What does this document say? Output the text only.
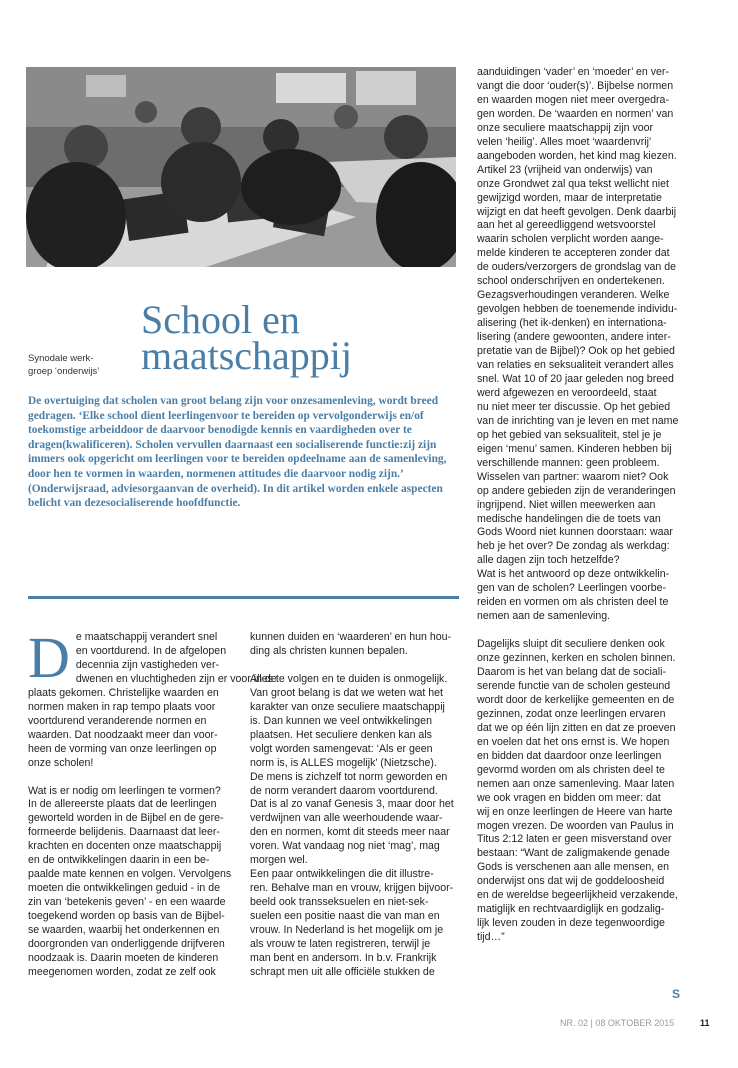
Synodale werk-
groep ‘onderwijs’
School en
maatschappij
De overtuiging dat scholen van groot belang zijn voor onzesamenleving, wordt breed gedragen. ‘Elke school dient leerlingenvoor te bereiden op vervolgonderwijs en/of toekomstige arbeiddoor de daarvoor benodigde kennis en vaardigheden over te dragen(kwalificeren). Scholen vervullen daarnaast een socialiserende functie:zij zijn immers ook opgericht om leerlingen voor te bereiden opdeelname aan de samenleving, door hen te vormen in waarden, normenen attitudes die daarvoor nodig zijn.’ (Onderwijsraad, adviesorgaanvan de overheid). In dit artikel worden enkele aspecten belicht van dezesocialiserende hoofdfunctie.

D e maatschappij verandert snel
en voortdurend. In de afgelopen
decennia zijn vastigheden ver-
dwenen en vluchtigheden zijn er voor in de
plaats gekomen. Christelijke waarden en
normen maken in rap tempo plaats voor
voortdurend veranderende normen en
waarden. Dat noodzaakt meer dan voor-
heen de vorming van onze leerlingen op
onze scholen!

Wat is er nodig om leerlingen te vormen?
In de allereerste plaats dat de leerlingen
geworteld worden in de Bijbel en de gere-
formeerde belijdenis. Daarnaast dat leer-
krachten en docenten onze maatschappij
en de ontwikkelingen daarin in een be-
paalde mate kennen en volgen. Vervolgens
moeten die ontwikkelingen geduid - in de
zin van ‘betekenis geven’ - en een waarde
toegekend worden op basis van de Bijbel-
se waarden, waarbij het onderkennen en
doorgronden van onderliggende drijfveren
noodzaak is. Daarin moeten de kinderen
meegenomen worden, zodat ze zelf ook

kunnen duiden en ‘waarderen’ en hun hou-
ding als christen kunnen bepalen.

Alles te volgen en te duiden is onmogelijk.
Van groot belang is dat we weten wat het
karakter van onze seculiere maatschappij
is. Dan kunnen we veel ontwikkelingen
plaatsen. Het seculiere denken kan als
volgt worden samengevat: ‘Als er geen
norm is, is ALLES mogelijk’ (Nietzsche).
De mens is zichzelf tot norm geworden en
de norm verandert daarom voortdurend.
Dat is al zo vanaf Genesis 3, maar door het
verdwijnen van alle weerhoudende waar-
den en normen, komt dit steeds meer naar
voren. Wat vandaag nog niet ‘mag’, mag
morgen wel.
Een paar ontwikkelingen die dit illustre-
ren. Behalve man en vrouw, krijgen bijvoor-
beeld ook transseksuelen en niet-sek-
suelen een positie naast die van man en
vrouw. In Nederland is het mogelijk om je
als vrouw te laten registreren, terwijl je
man bent en andersom. In b.v. Frankrijk
schrapt men uit alle officiële stukken de

aanduidingen ‘vader’ en ‘moeder’ en ver-
vangt die door ‘ouder(s)’. Bijbelse normen
en waarden mogen niet meer overgedra-
gen worden. De ‘waarden en normen’ van
onze seculiere maatschappij zijn voor
velen ‘heilig’. Alles moet ‘waardenvrij’
aangeboden worden, het kind mag kiezen.
Artikel 23 (vrijheid van onderwijs) van
onze Grondwet zal qua tekst wellicht niet
gewijzigd worden, maar de interpretatie
wijzigt en dat heeft gevolgen. Denk daarbij
aan het al gereedliggend wetsvoorstel
waarin scholen verplicht worden aange-
melde kinderen te accepteren zonder dat
de ouders/verzorgers de grondslag van de
school onderschrijven en ondertekenen.
Gezagsverhoudingen veranderen. Welke
gevolgen hebben de toenemende individu-
alisering (het ik-denken) en internationa-
lisering (andere gewoonten, andere inter-
pretatie van de Bijbel)? Ook op het gebied
van relaties en seksualiteit verandert alles
snel. Wat 10 of 20 jaar geleden nog breed
werd afgewezen en veroordeeld, staat
nu niet meer ter discussie. Op het gebied
van de inrichting van je leven en met name
op het gebied van seksualiteit, stel je je
eigen ‘menu’ samen. Kinderen hebben bij
verschillende mannen: geen probleem.
Wisselen van partner: waarom niet? Ook
op andere gebieden zijn de veranderingen
ingrijpend. Niet willen meewerken aan
medische handelingen die de toets van
Gods Woord niet kunnen doorstaan: waar
heb je het over? De zondag als werkdag:
alle dagen zijn toch hetzelfde?
Wat is het antwoord op deze ontwikkelin-
gen van de scholen? Leerlingen voorbe-
reiden en vormen om als christen deel te
nemen aan de samenleving.

Dagelijks sluipt dit seculiere denken ook
onze gezinnen, kerken en scholen binnen.
Daarom is het van belang dat de sociali-
serende functie van de scholen gesteund
wordt door de kerkelijke gemeenten en de
gezinnen, zodat onze leerlingen ervaren
dat we op één lijn zitten en dat ze proeven
en voelen dat het ons ernst is. We hopen
en bidden dat daardoor onze leerlingen
gevormd worden om als christen deel te
nemen aan onze samenleving. Maar laten
we ook vragen en bidden om meer: dat
wij en onze leerlingen de Heere van harte
mogen vrezen. De woorden van Paulus in
Titus 2:12 laten er geen misverstand over
bestaan: “Want de zaligmakende genade
Gods is verschenen aan alle mensen, en
onderwijst ons dat wij de goddeloosheid
en de wereldse begeerlijkheid verzakende,
matiglijk en rechtvaardiglijk en godzalig-
lijk leven zouden in deze tegenwoordige
tijd…”

S
NR. 02 | 08 OKTOBER 2015	11
